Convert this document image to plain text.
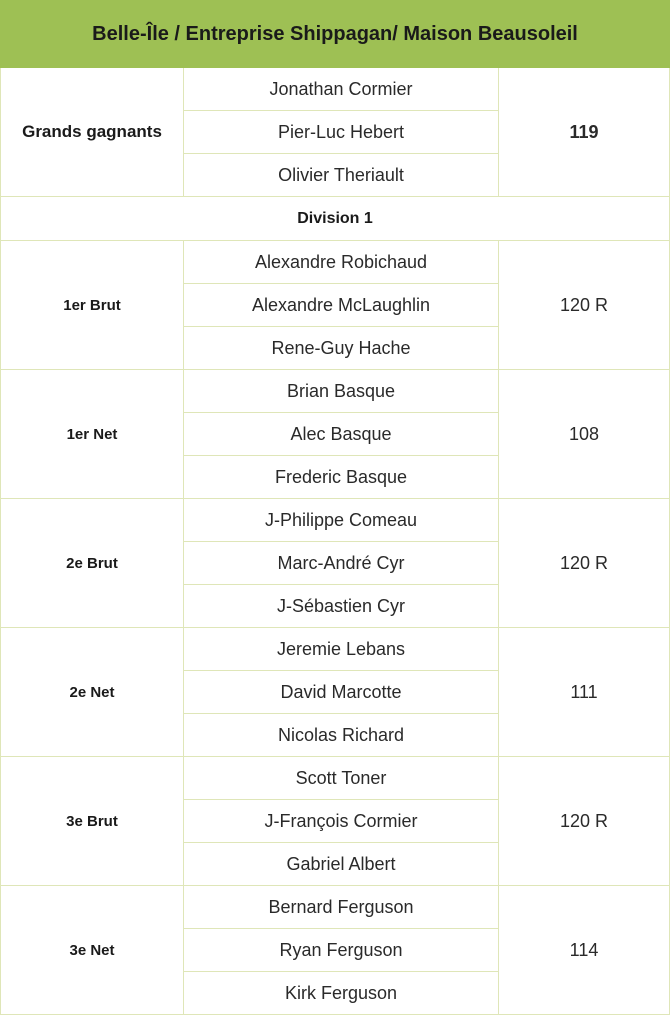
Belle-Île / Entreprise Shippagan/ Maison Beausoleil		
Grands gagnants	Jonathan Cormier	119
	Pier-Luc Hebert	
	Olivier Theriault	
Division 1		
1er Brut	Alexandre Robichaud	120 R
	Alexandre McLaughlin	
	Rene-Guy Hache	
1er Net	Brian Basque	108
	Alec Basque	
	Frederic Basque	
2e Brut	J-Philippe Comeau	120 R
	Marc-André Cyr	
	J-Sébastien Cyr	
2e Net	Jeremie Lebans	111
	David Marcotte	
	Nicolas Richard	
3e Brut	Scott Toner	120 R
	J-François Cormier	
	Gabriel Albert	
3e Net	Bernard Ferguson	114
	Ryan Ferguson	
	Kirk Ferguson	
